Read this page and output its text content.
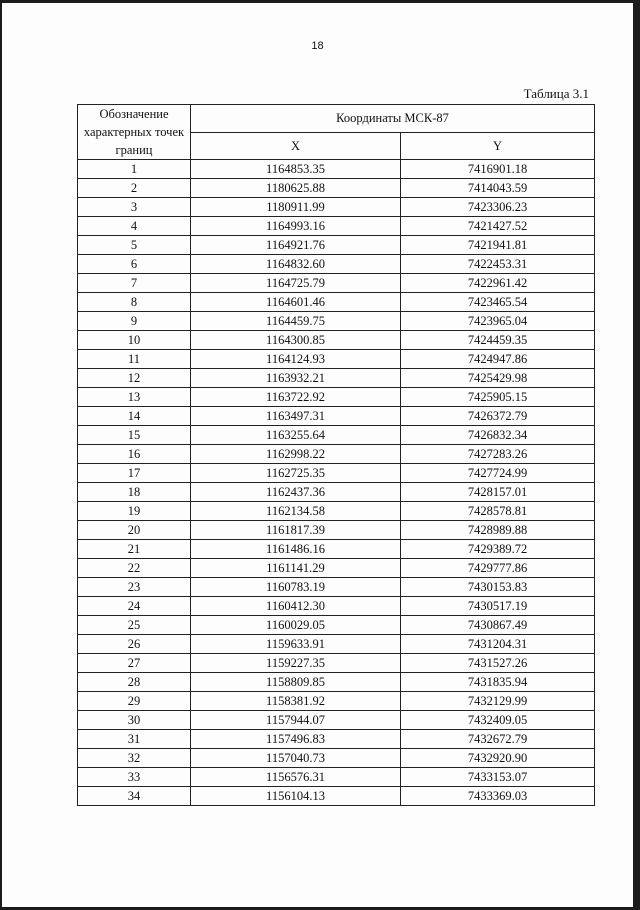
18
Таблица 3.1
Обозначение характерных точек границ	Координаты МСК-87	
	X	Y
1	1164853.35	7416901.18
2	1180625.88	7414043.59
3	1180911.99	7423306.23
4	1164993.16	7421427.52
5	1164921.76	7421941.81
6	1164832.60	7422453.31
7	1164725.79	7422961.42
8	1164601.46	7423465.54
9	1164459.75	7423965.04
10	1164300.85	7424459.35
11	1164124.93	7424947.86
12	1163932.21	7425429.98
13	1163722.92	7425905.15
14	1163497.31	7426372.79
15	1163255.64	7426832.34
16	1162998.22	7427283.26
17	1162725.35	7427724.99
18	1162437.36	7428157.01
19	1162134.58	7428578.81
20	1161817.39	7428989.88
21	1161486.16	7429389.72
22	1161141.29	7429777.86
23	1160783.19	7430153.83
24	1160412.30	7430517.19
25	1160029.05	7430867.49
26	1159633.91	7431204.31
27	1159227.35	7431527.26
28	1158809.85	7431835.94
29	1158381.92	7432129.99
30	1157944.07	7432409.05
31	1157496.83	7432672.79
32	1157040.73	7432920.90
33	1156576.31	7433153.07
34	1156104.13	7433369.03
